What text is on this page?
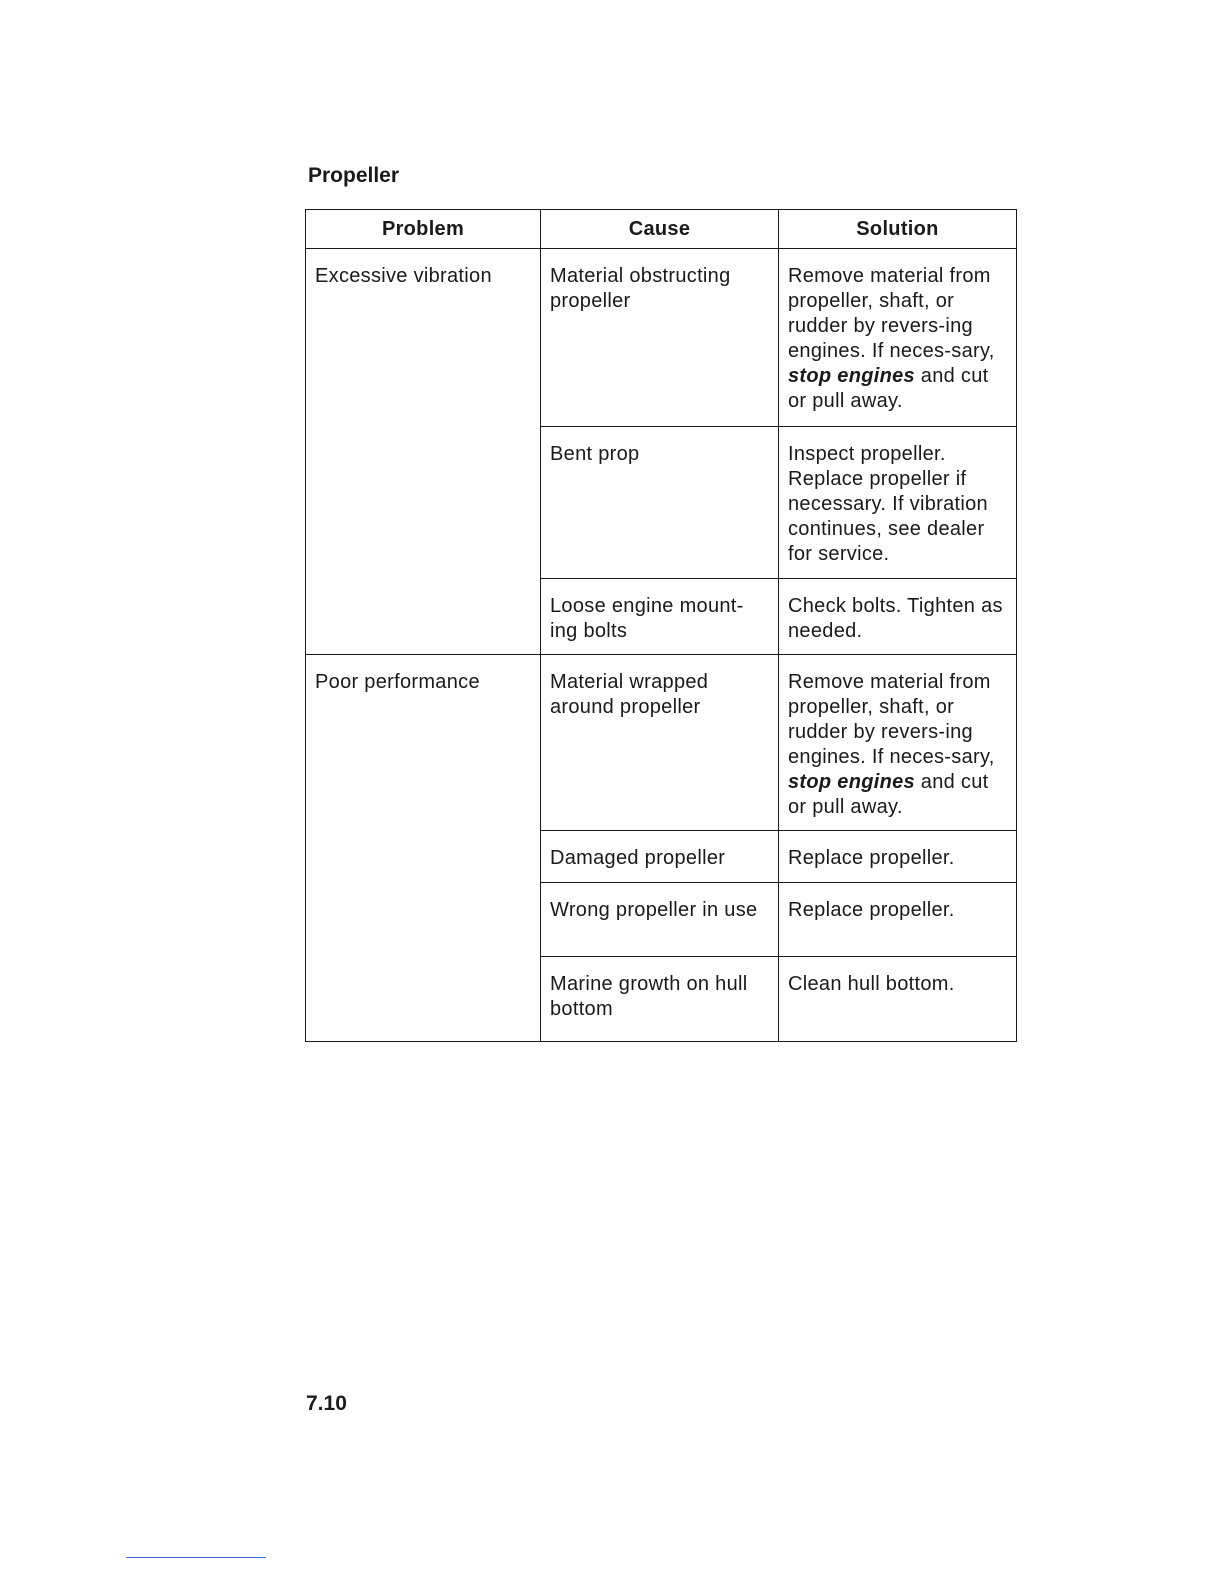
Propeller
Problem	Cause	Solution
Excessive vibration	Material obstructing propeller	Remove material from propeller, shaft, or rudder by revers-ing engines. If neces-sary, stop engines and cut or pull away.
	Bent prop	Inspect propeller. Replace propeller if necessary. If vibration continues, see dealer for service.
	Loose engine mount-ing bolts	Check bolts. Tighten as needed.
Poor performance	Material wrapped around propeller	Remove material from propeller, shaft, or rudder by revers-ing engines. If neces-sary, stop engines and cut or pull away.
	Damaged propeller	Replace propeller.
	Wrong propeller in use	Replace propeller.
	Marine growth on hull bottom	Clean hull bottom.

7.10
